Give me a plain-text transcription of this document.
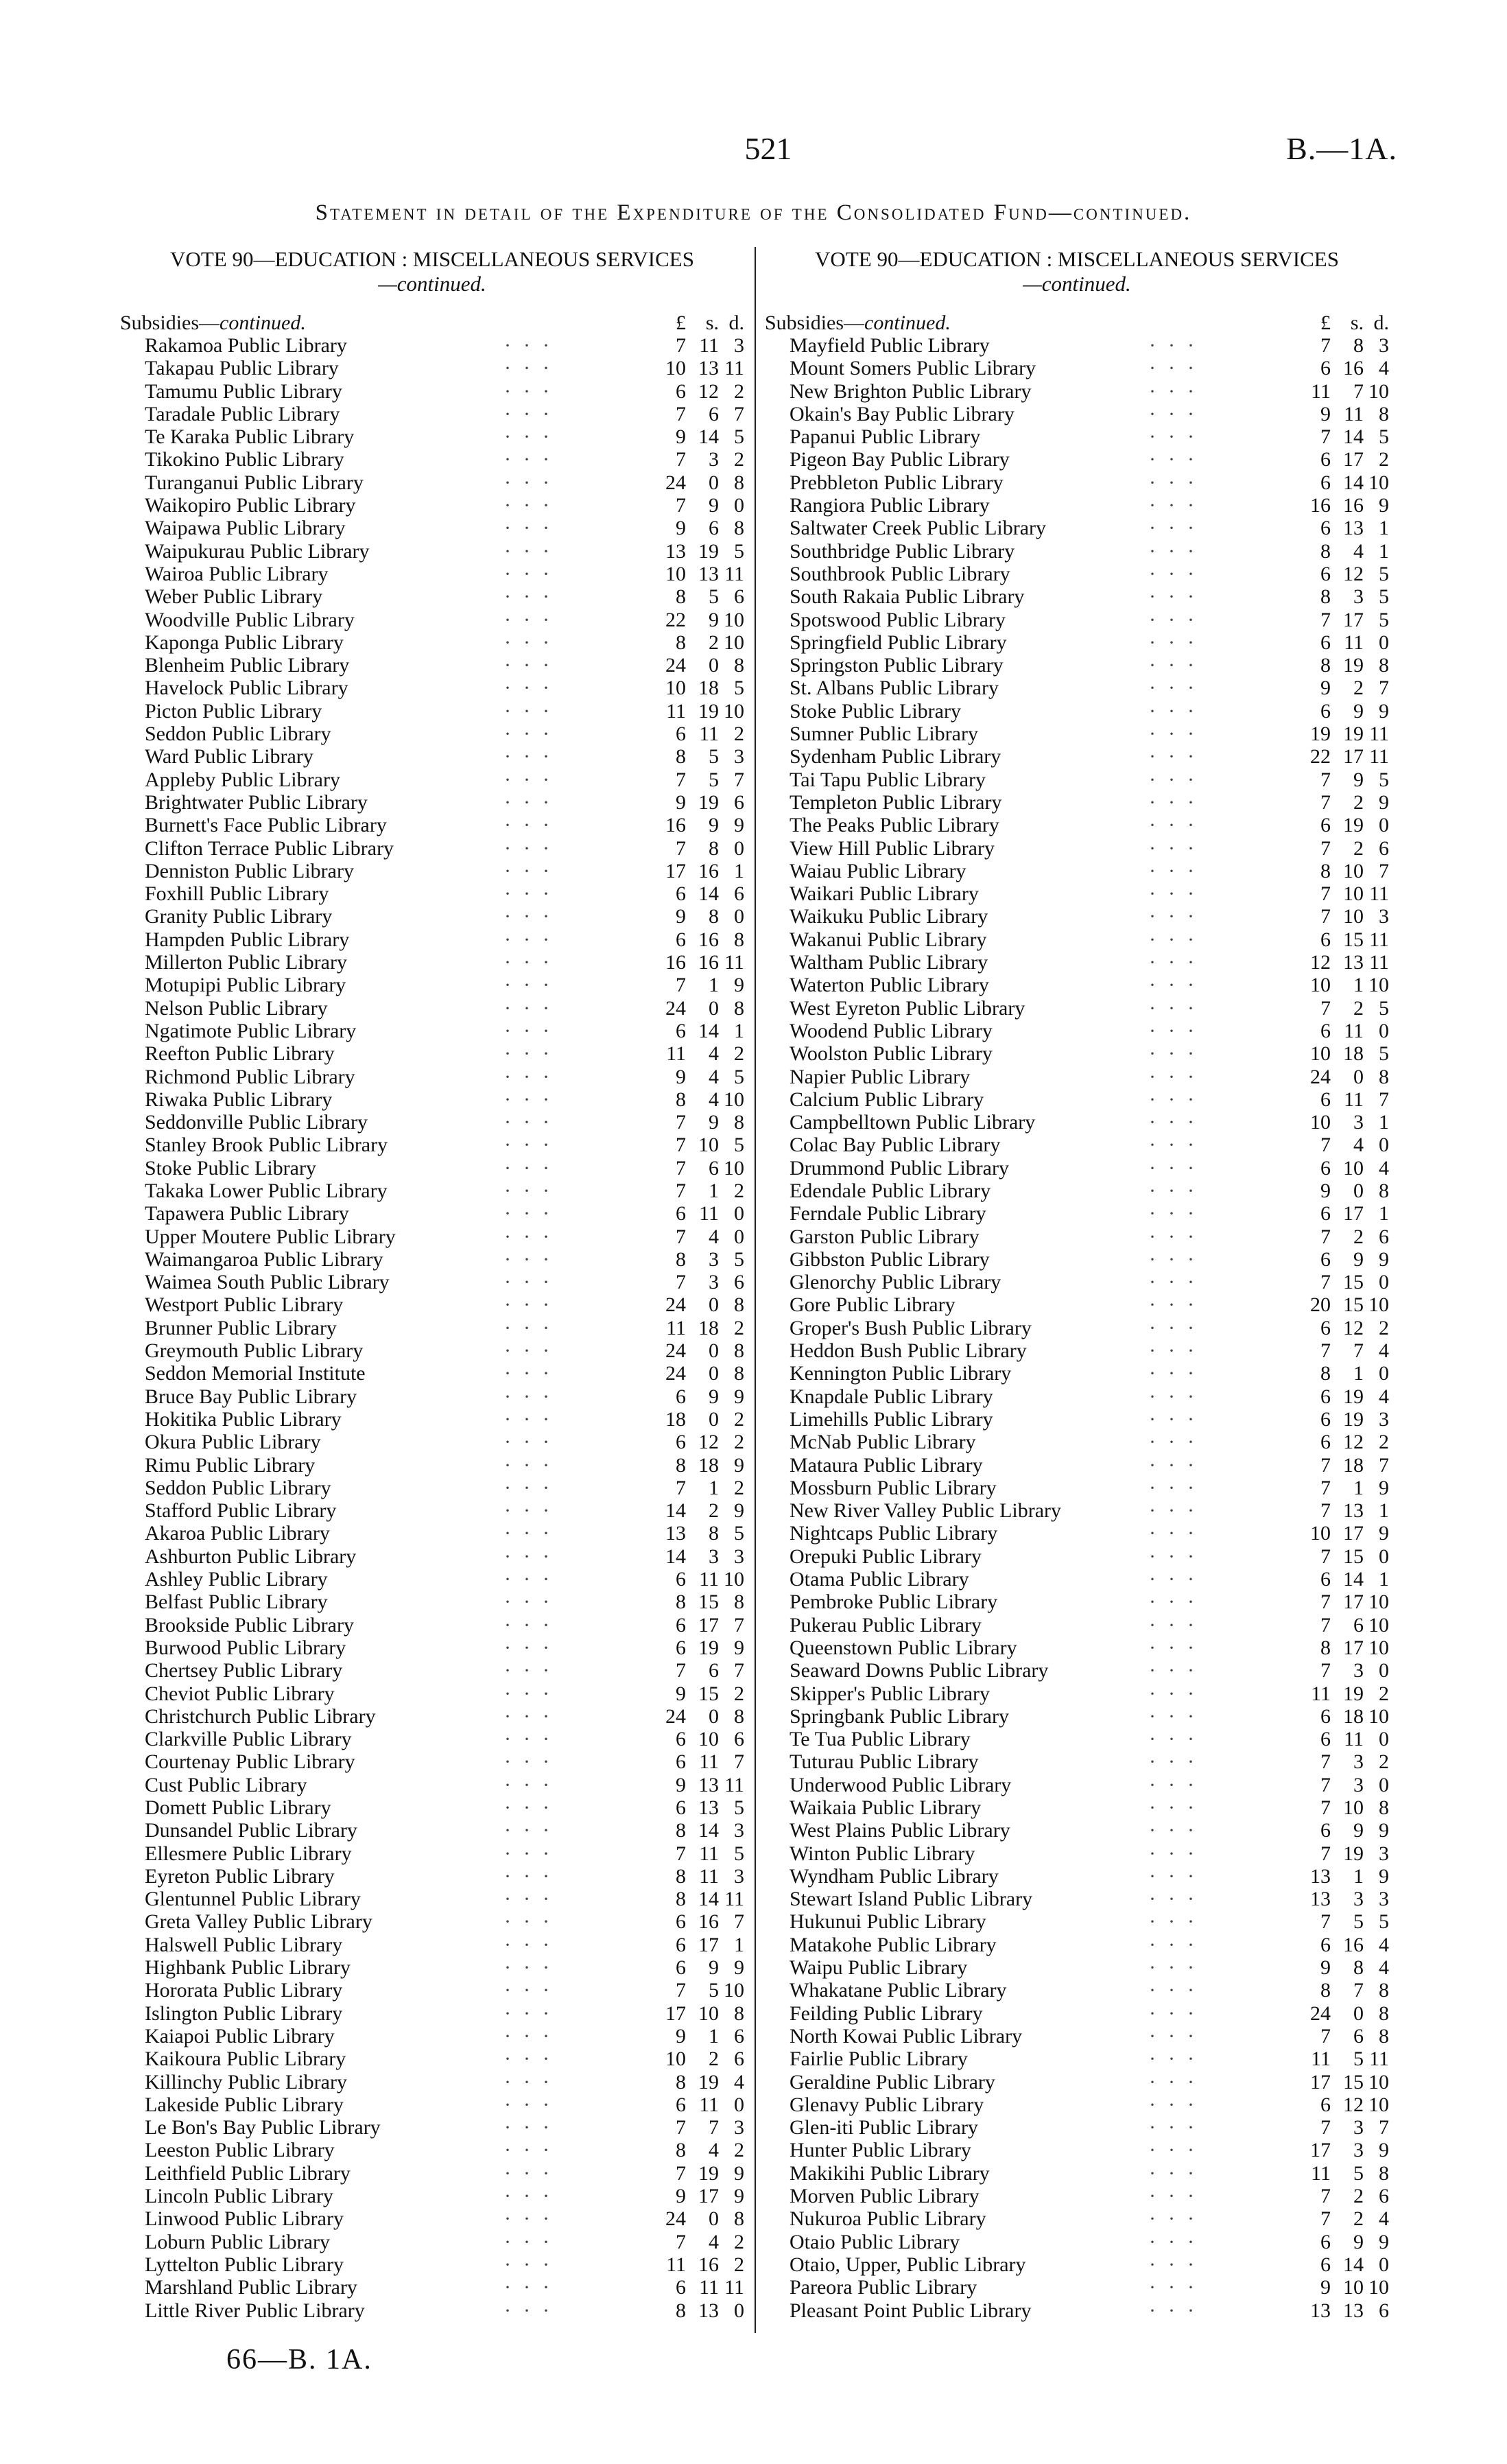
521	B.—1A.
Statement in detail of the Expenditure of the Consolidated Fund—continued.
VOTE 90—EDUCATION : MISCELLANEOUS SERVICES
—continued.
Subsidies—continued.	£ s. d.
Rakamoa Public Library	7 11 3
···
Takapau Public Library	10 13 11
···
Tamumu Public Library	6 12 2
···
Taradale Public Library	7	6 7
···
Te Karaka Public Library	9 14 5
···
Tikokino Public Library	7	3 2
···
Turanganui Public Library	24	0 8
···
Waikopiro Public Library	7	9 0
···
Waipawa Public Library	9	6 8
···
Waipukurau Public Library	13 19 5
···
Wairoa Public Library	10 13 11
···
Weber Public Library	8	5 6
···
Woodville Public Library	22	9 10
···
Kaponga Public Library	8	2 10
···
Blenheim Public Library	24	0 8
···
Havelock Public Library	10 18 5
···
Picton Public Library	11 19 10
···
Seddon Public Library	6 11 2
···
Ward Public Library	8	5 3
···
Appleby Public Library	7	5 7
···
Brightwater Public Library	9 19 6
···
Burnett's Face Public Library	16	9 9
···
Clifton Terrace Public Library	7	8 0
···
Denniston Public Library	17 16 1
···
Foxhill Public Library	6 14 6
···
Granity Public Library	9	8 0
···
Hampden Public Library	6 16 8
···
Millerton Public Library	16 16 11
···
Motupipi Public Library	7	1 9
···
Nelson Public Library	24	0 8
···
Ngatimote Public Library	6 14 1
···
Reefton Public Library	11	4 2
···
Richmond Public Library	9	4 5
···
Riwaka Public Library	8	4 10
···
Seddonville Public Library	7	9 8
···
Stanley Brook Public Library	7 10 5
···
Stoke Public Library	7	6 10
···
Takaka Lower Public Library	7	1 2
···
Tapawera Public Library	6 11 0
···
Upper Moutere Public Library	7	4 0
···
Waimangaroa Public Library	8	3 5
···
Waimea South Public Library	7	3 6
···
Westport Public Library	24	0 8
···
Brunner Public Library	11 18 2
···
Greymouth Public Library	24	0 8
···
Seddon Memorial Institute	24	0 8
···
Bruce Bay Public Library	6	9 9
···
Hokitika Public Library	18	0 2
···
Okura Public Library	6 12 2
···
Rimu Public Library	8 18 9
···
Seddon Public Library	7	1 2
···
Stafford Public Library	14	2 9
···
Akaroa Public Library	13	8 5
···
Ashburton Public Library	14	3 3
···
Ashley Public Library	6 11 10
···
Belfast Public Library	8 15 8
···
Brookside Public Library	6 17 7
···
Burwood Public Library	6 19 9
···
Chertsey Public Library	7	6 7
···
Cheviot Public Library	9 15 2
···
Christchurch Public Library	24	0 8
···
Clarkville Public Library	6 10 6
···
Courtenay Public Library	6 11 7
···
Cust Public Library	9 13 11
···
Domett Public Library	6 13 5
···
Dunsandel Public Library	8 14 3
···
Ellesmere Public Library	7 11 5
···
Eyreton Public Library	8 11 3
···
Glentunnel Public Library	8 14 11
···
Greta Valley Public Library	6 16 7
···
Halswell Public Library	6 17 1
···
Highbank Public Library	6	9 9
···
Hororata Public Library	7	5 10
···
Islington Public Library	17 10 8
···
Kaiapoi Public Library	9	1 6
···
Kaikoura Public Library	10	2 6
···
Killinchy Public Library	8 19 4
···
Lakeside Public Library	6 11 0
···
Le Bon's Bay Public Library	7	7 3
···
Leeston Public Library	8	4 2
···
Leithfield Public Library	7 19 9
···
Lincoln Public Library	9 17 9
···
Linwood Public Library	24	0 8
···
Loburn Public Library	7	4 2
···
Lyttelton Public Library	11 16 2
···
Marshland Public Library	6 11 11
···
Little River Public Library	8 13 0
···
VOTE 90—EDUCATION : MISCELLANEOUS SERVICES
—continued.
Subsidies—continued.	£ s. d.
Mayfield Public Library	7	8 3
···
Mount Somers Public Library	6 16 4
···
New Brighton Public Library	11	7 10
···
Okain's Bay Public Library	9 11 8
···
Papanui Public Library	7 14 5
···
Pigeon Bay Public Library	6 17 2
···
Prebbleton Public Library	6 14 10
···
Rangiora Public Library	16 16 9
···
Saltwater Creek Public Library	6 13 1
···
Southbridge Public Library	8	4 1
···
Southbrook Public Library	6 12 5
···
South Rakaia Public Library	8	3 5
···
Spotswood Public Library	7 17 5
···
Springfield Public Library	6 11 0
···
Springston Public Library	8 19 8
···
St. Albans Public Library	9	2 7
···
Stoke Public Library	6	9 9
···
Sumner Public Library	19 19 11
···
Sydenham Public Library	22 17 11
···
Tai Tapu Public Library	7	9 5
···
Templeton Public Library	7	2 9
···
The Peaks Public Library	6 19 0
···
View Hill Public Library	7	2 6
···
Waiau Public Library	8 10 7
···
Waikari Public Library	7 10 11
···
Waikuku Public Library	7 10 3
···
Wakanui Public Library	6 15 11
···
Waltham Public Library	12 13 11
···
Waterton Public Library	10	1 10
···
West Eyreton Public Library	7	2 5
···
Woodend Public Library	6 11 0
···
Woolston Public Library	10 18 5
···
Napier Public Library	24	0 8
···
Calcium Public Library	6 11 7
···
Campbelltown Public Library	10	3 1
···
Colac Bay Public Library	7	4 0
···
Drummond Public Library	6 10 4
···
Edendale Public Library	9	0 8
···
Ferndale Public Library	6 17 1
···
Garston Public Library	7	2 6
···
Gibbston Public Library	6	9 9
···
Glenorchy Public Library	7 15 0
···
Gore Public Library	20 15 10
···
Groper's Bush Public Library	6 12 2
···
Heddon Bush Public Library	7	7 4
···
Kennington Public Library	8	1 0
···
Knapdale Public Library	6 19 4
···
Limehills Public Library	6 19 3
···
McNab Public Library	6 12 2
···
Mataura Public Library	7 18 7
···
Mossburn Public Library	7	1 9
···
New River Valley Public Library	7 13 1
···
Nightcaps Public Library	10 17 9
···
Orepuki Public Library	7 15 0
···
Otama Public Library	6 14 1
···
Pembroke Public Library	7 17 10
···
Pukerau Public Library	7	6 10
···
Queenstown Public Library	8 17 10
···
Seaward Downs Public Library	7	3 0
···
Skipper's Public Library	11 19 2
···
Springbank Public Library	6 18 10
···
Te Tua Public Library	6 11 0
···
Tuturau Public Library	7	3 2
···
Underwood Public Library	7	3 0
···
Waikaia Public Library	7 10 8
···
West Plains Public Library	6	9 9
···
Winton Public Library	7 19 3
···
Wyndham Public Library	13	1 9
···
Stewart Island Public Library	13	3 3
···
Hukunui Public Library	7	5 5
···
Matakohe Public Library	6 16 4
···
Waipu Public Library	9	8 4
···
Whakatane Public Library	8	7 8
···
Feilding Public Library	24	0 8
···
North Kowai Public Library	7	6 8
···
Fairlie Public Library	11	5 11
···
Geraldine Public Library	17 15 10
···
Glenavy Public Library	6 12 10
···
Glen-iti Public Library	7	3 7
···
Hunter Public Library	17	3 9
···
Makikihi Public Library	11	5 8
···
Morven Public Library	7	2 6
···
Nukuroa Public Library	7	2 4
···
Otaio Public Library	6	9 9
···
Otaio, Upper, Public Library	6 14 0
···
Pareora Public Library	9 10 10
···
Pleasant Point Public Library	13 13 6
···
66—B. 1A.
